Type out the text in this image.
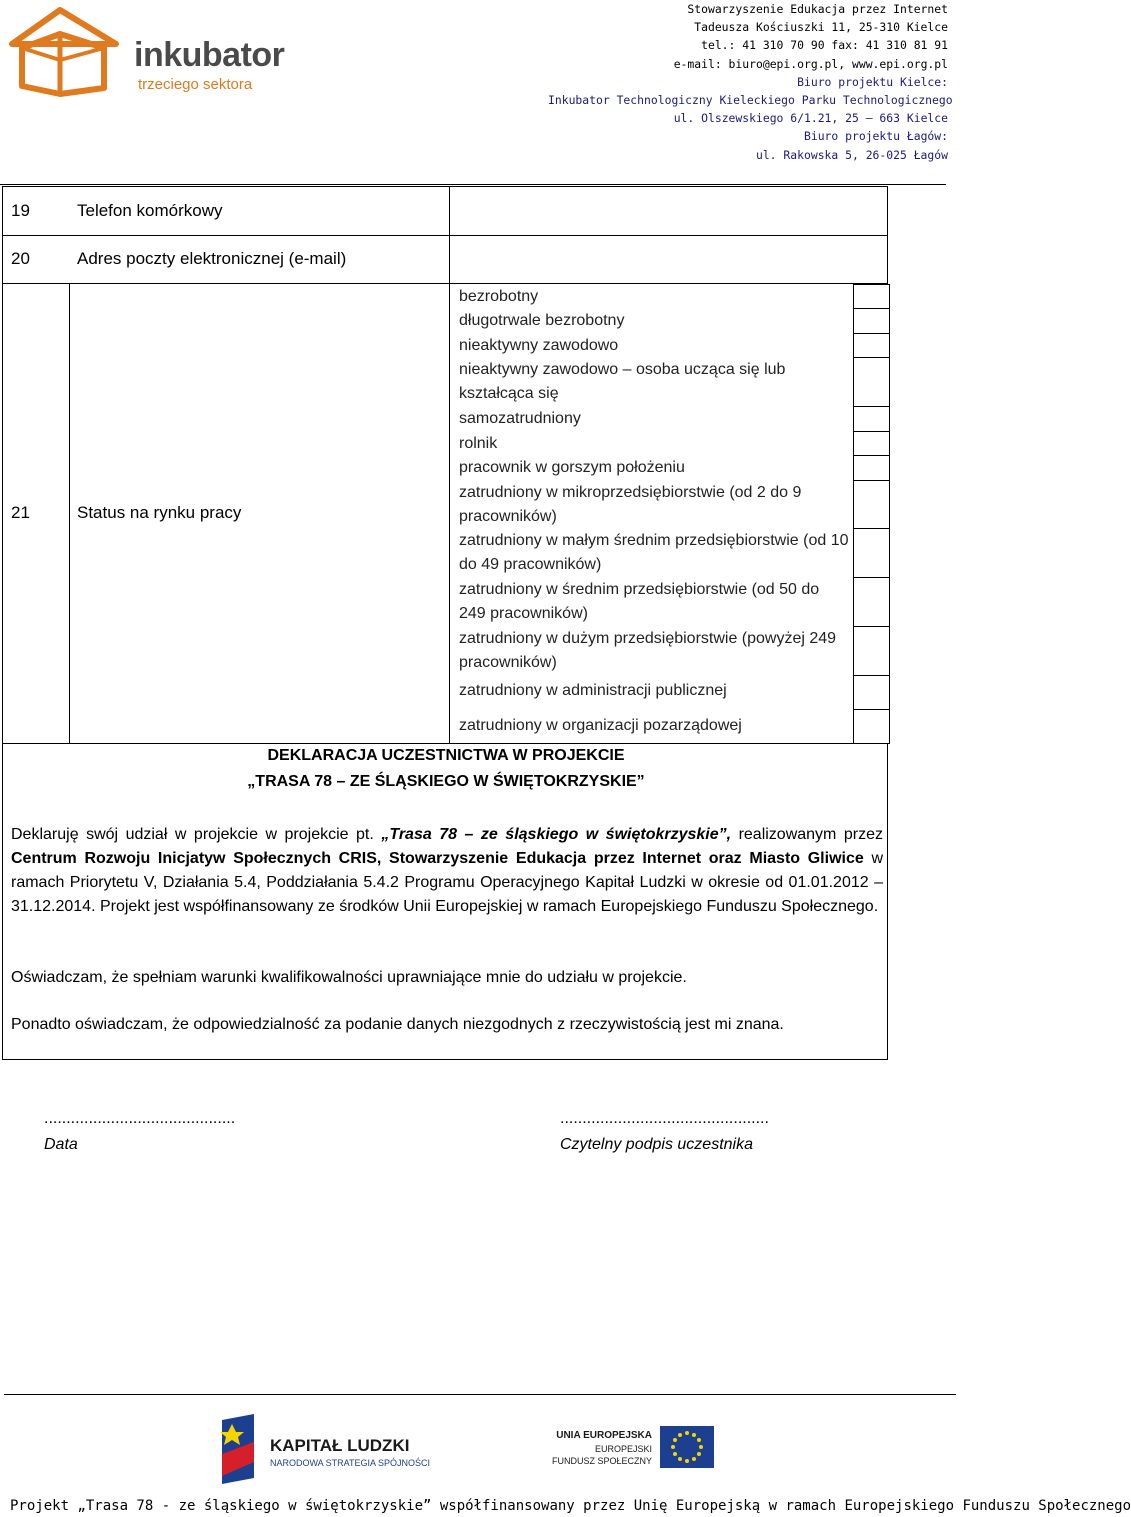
inkubator
trzeciego sektora
Stowarzyszenie Edukacja przez Internet
Tadeusza Kościuszki 11, 25-310 Kielce
tel.: 41 310 70 90 fax: 41 310 81 91
e-mail: biuro@epi.org.pl, www.epi.org.pl
Biuro projektu Kielce:
Inkubator Technologiczny Kieleckiego Parku Technologicznego
ul. Olszewskiego 6/1.21, 25 – 663 Kielce
Biuro projektu Łagów:
ul. Rakowska 5, 26-025 Łagów
19	Telefon komórkowy
20	Adres poczty elektronicznej (e-mail)
21	Status na rynku pracy
bezrobotny
długotrwale bezrobotny
nieaktywny zawodowo
nieaktywny zawodowo – osoba ucząca się lub kształcąca się
samozatrudniony
rolnik
pracownik w gorszym położeniu
zatrudniony w mikroprzedsiębiorstwie (od 2 do 9 pracowników)
zatrudniony w małym średnim przedsiębiorstwie (od 10 do 49 pracowników)
zatrudniony w średnim przedsiębiorstwie (od 50 do 249 pracowników)
zatrudniony w dużym przedsiębiorstwie (powyżej 249 pracowników)
zatrudniony w administracji publicznej
zatrudniony w organizacji pozarządowej
DEKLARACJA UCZESTNICTWA W PROJEKCIE
„TRASA 78 – ZE ŚLĄSKIEGO W ŚWIĘTOKRZYSKIE”
Deklaruję swój udział w projekcie w projekcie pt. „Trasa 78 – ze śląskiego w świętokrzyskie”, realizowanym przez Centrum Rozwoju Inicjatyw Społecznych CRIS, Stowarzyszenie Edukacja przez Internet oraz Miasto Gliwice w ramach Priorytetu V, Działania 5.4, Poddziałania 5.4.2 Programu Operacyjnego Kapitał Ludzki w okresie od 01.01.2012 – 31.12.2014. Projekt jest współfinansowany ze środków Unii Europejskiej w ramach Europejskiego Funduszu Społecznego.
Oświadczam, że spełniam warunki kwalifikowalności uprawniające mnie do udziału w projekcie.
Ponadto oświadczam, że odpowiedzialność za podanie danych niezgodnych z rzeczywistością jest mi znana.
...........................................
Data
...............................................
Czytelny podpis uczestnika
KAPITAŁ LUDZKI
NARODOWA STRATEGIA SPÓJNOŚCI
UNIA EUROPEJSKA
EUROPEJSKI
FUNDUSZ SPOŁECZNY
Projekt „Trasa 78 - ze śląskiego w świętokrzyskie” współfinansowany przez Unię Europejską w ramach Europejskiego Funduszu Społecznego
